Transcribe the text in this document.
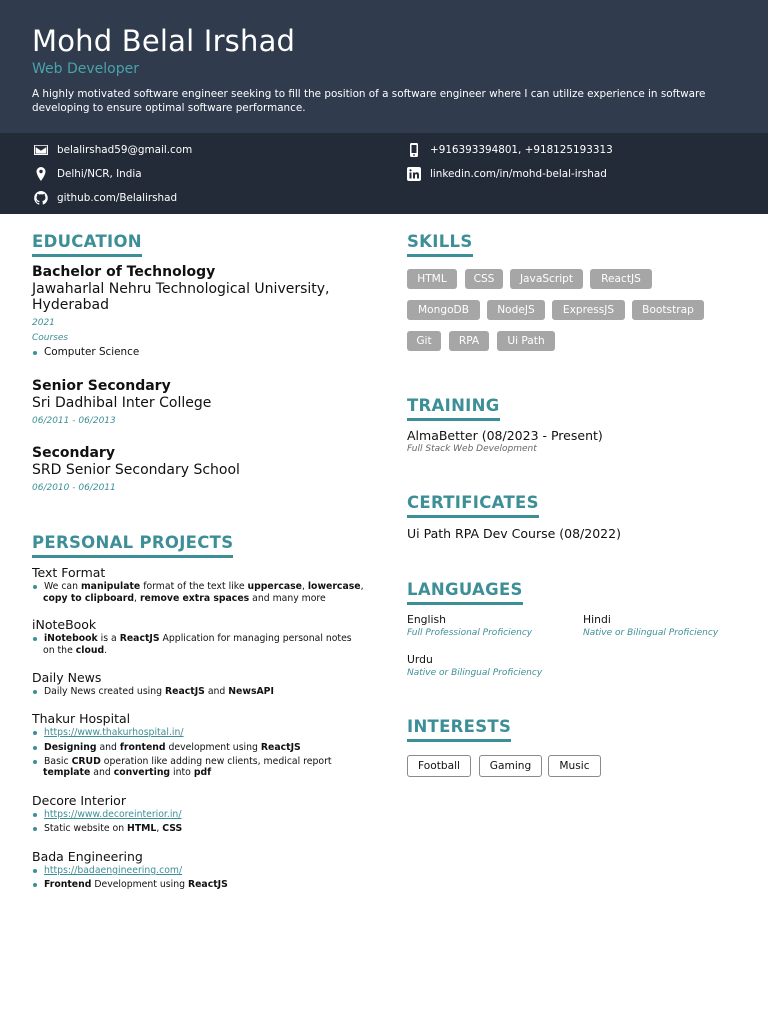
Mohd Belal Irshad
Web Developer
A highly motivated software engineer seeking to fill the position of a software engineer where I can utilize experience in software developing to ensure optimal software performance.
belalirshad59@gmail.com	+916393394801, +918125193313
Delhi/NCR, India	linkedin.com/in/mohd-belal-irshad
github.com/Belalirshad
EDUCATION
Bachelor of Technology
Jawaharlal Nehru Technological University,
Hyderabad
2021
Courses
Computer Science
Senior Secondary
Sri Dadhibal Inter College
06/2011 - 06/2013
Secondary
SRD Senior Secondary School
06/2010 - 06/2011
PERSONAL PROJECTS
Text Format
We can manipulate format of the text like uppercase, lowercase,
copy to clipboard, remove extra spaces and many more
iNoteBook
iNotebook is a ReactJS Application for managing personal notes
on the cloud.
Daily News
Daily News created using ReactJS and NewsAPI
Thakur Hospital
https://www.thakurhospital.in/
Designing and frontend development using ReactJS
Basic CRUD operation like adding new clients, medical report
template and converting into pdf
Decore Interior
https://www.decoreinterior.in/
Static website on HTML, CSS
Bada Engineering
https://badaengineering.com/
Frontend Development using ReactJS
SKILLS
HTML	CSS	JavaScript	ReactJS
MongoDB	NodeJS	ExpressJS	Bootstrap
Git	RPA	Ui Path
TRAINING
AlmaBetter (08/2023 - Present)
Full Stack Web Development
CERTIFICATES
Ui Path RPA Dev Course (08/2022)
LANGUAGES
English
Full Professional Proficiency
Hindi
Native or Bilingual Proficiency
Urdu
Native or Bilingual Proficiency
INTERESTS
Football	Gaming	Music
